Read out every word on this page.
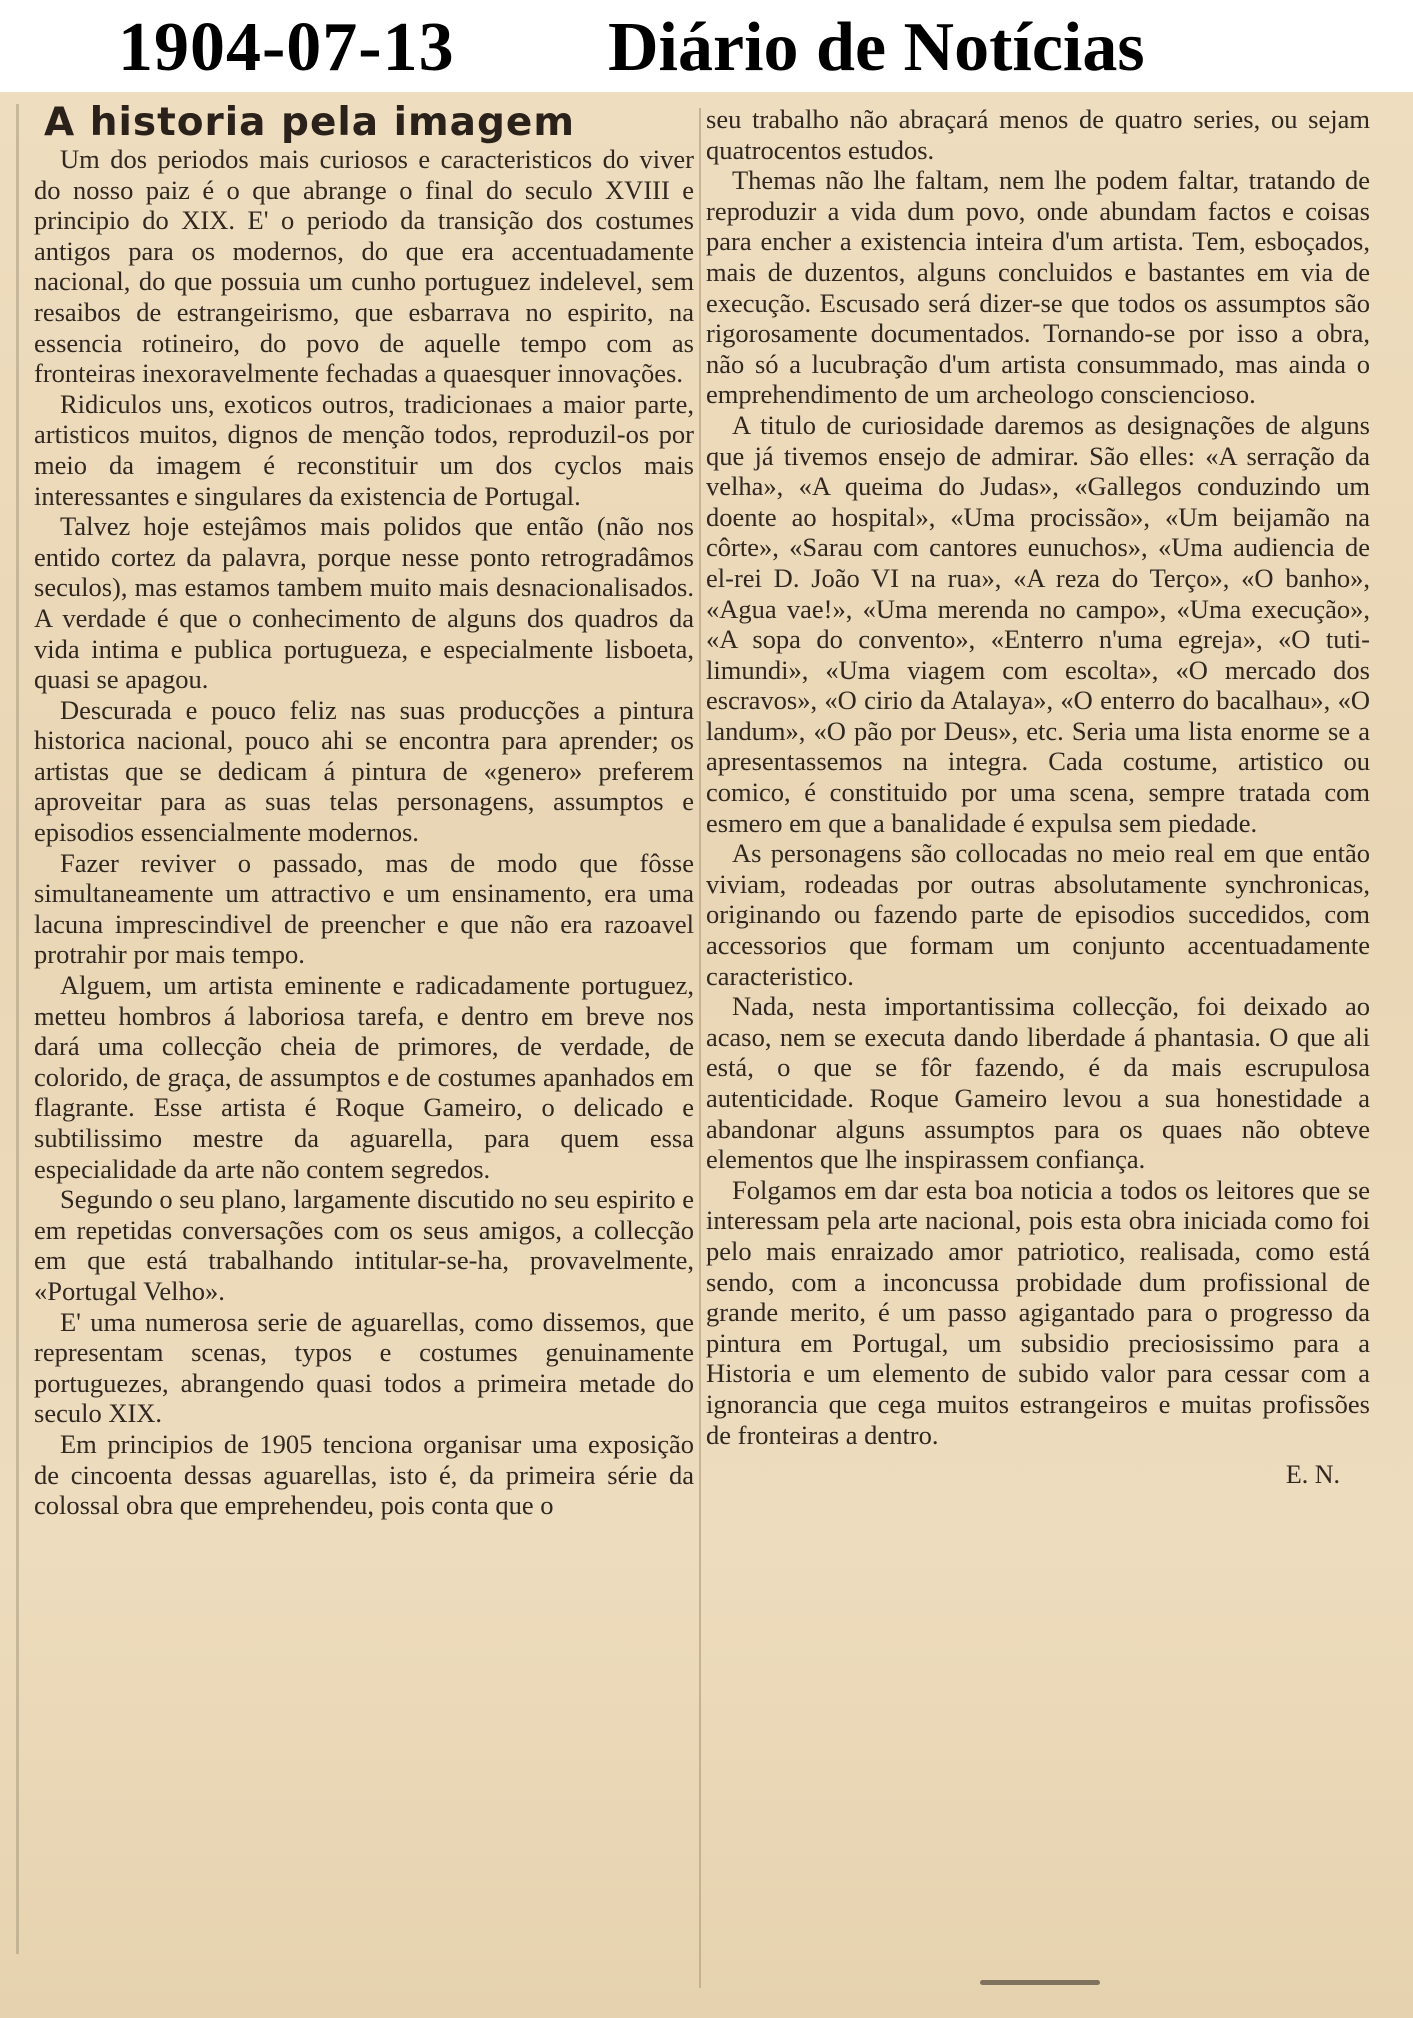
1904-07-13 Diário de Notícias
A historia pela imagem

Um dos periodos mais curiosos e caracteristicos do viver do nosso paiz é o que abrange o final do seculo XVIII e principio do XIX. E' o periodo da transição dos costumes antigos para os modernos, do que era accentuadamente nacional, do que possuia um cunho portuguez indelevel, sem resaibos de estrangeirismo, que esbarrava no espirito, na essencia rotineiro, do povo de aquelle tempo com as fronteiras inexoravelmente fechadas a quaesquer innovações.

Ridiculos uns, exoticos outros, tradicionaes a maior parte, artisticos muitos, dignos de menção todos, reproduzil-os por meio da imagem é reconstituir um dos cyclos mais interessantes e singulares da existencia de Portugal.

Talvez hoje estejâmos mais polidos que então (não nos entido cortez da palavra, porque nesse ponto retrogradâmos seculos), mas estamos tambem muito mais desnacionalisados. A verdade é que o conhecimento de alguns dos quadros da vida intima e publica portugueza, e especialmente lisboeta, quasi se apagou.

Descurada e pouco feliz nas suas producções a pintura historica nacional, pouco ahi se encontra para aprender; os artistas que se dedicam á pintura de «genero» preferem aproveitar para as suas telas personagens, assumptos e episodios essencialmente modernos.

Fazer reviver o passado, mas de modo que fôsse simultaneamente um attractivo e um ensinamento, era uma lacuna imprescindivel de preencher e que não era razoavel protrahir por mais tempo.

Alguem, um artista eminente e radicadamente portuguez, metteu hombros á laboriosa tarefa, e dentro em breve nos dará uma collecção cheia de primores, de verdade, de colorido, de graça, de assumptos e de costumes apanhados em flagrante. Esse artista é Roque Gameiro, o delicado e subtilissimo mestre da aguarella, para quem essa especialidade da arte não contem segredos.

Segundo o seu plano, largamente discutido no seu espirito e em repetidas conversações com os seus amigos, a collecção em que está trabalhando intitular-se-ha, provavelmente, «Portugal Velho».

E' uma numerosa serie de aguarellas, como dissemos, que representam scenas, typos e costumes genuinamente portuguezes, abrangendo quasi todos a primeira metade do seculo XIX.

Em principios de 1905 tenciona organisar uma exposição de cincoenta dessas aguarellas, isto é, da primeira série da colossal obra que emprehendeu, pois conta que o

seu trabalho não abraçará menos de quatro series, ou sejam quatrocentos estudos.

Themas não lhe faltam, nem lhe podem faltar, tratando de reproduzir a vida dum povo, onde abundam factos e coisas para encher a existencia inteira d'um artista. Tem, esboçados, mais de duzentos, alguns concluidos e bastantes em via de execução. Escusado será dizer-se que todos os assumptos são rigorosamente documentados. Tornando-se por isso a obra, não só a lucubração d'um artista consummado, mas ainda o emprehendimento de um archeologo consciencioso.

A titulo de curiosidade daremos as designações de alguns que já tivemos ensejo de admirar. São elles: «A serração da velha», «A queima do Judas», «Gallegos conduzindo um doente ao hospital», «Uma procissão», «Um beijamão na côrte», «Sarau com cantores eunuchos», «Uma audiencia de el-rei D. João VI na rua», «A reza do Terço», «O banho», «Agua vae!», «Uma merenda no campo», «Uma execução», «A sopa do convento», «Enterro n'uma egreja», «O tuti-limundi», «Uma viagem com escolta», «O mercado dos escravos», «O cirio da Atalaya», «O enterro do bacalhau», «O landum», «O pão por Deus», etc. Seria uma lista enorme se a apresentassemos na integra. Cada costume, artistico ou comico, é constituido por uma scena, sempre tratada com esmero em que a banalidade é expulsa sem piedade.

As personagens são collocadas no meio real em que então viviam, rodeadas por outras absolutamente synchronicas, originando ou fazendo parte de episodios succedidos, com accessorios que formam um conjunto accentuadamente caracteristico.

Nada, nesta importantissima collecção, foi deixado ao acaso, nem se executa dando liberdade á phantasia. O que ali está, o que se fôr fazendo, é da mais escrupulosa autenticidade. Roque Gameiro levou a sua honestidade a abandonar alguns assumptos para os quaes não obteve elementos que lhe inspirassem confiança.

Folgamos em dar esta boa noticia a todos os leitores que se interessam pela arte nacional, pois esta obra iniciada como foi pelo mais enraizado amor patriotico, realisada, como está sendo, com a inconcussa probidade dum profissional de grande merito, é um passo agigantado para o progresso da pintura em Portugal, um subsidio preciosissimo para a Historia e um elemento de subido valor para cessar com a ignorancia que cega muitos estrangeiros e muitas profissões de fronteiras a dentro.

E. N.
